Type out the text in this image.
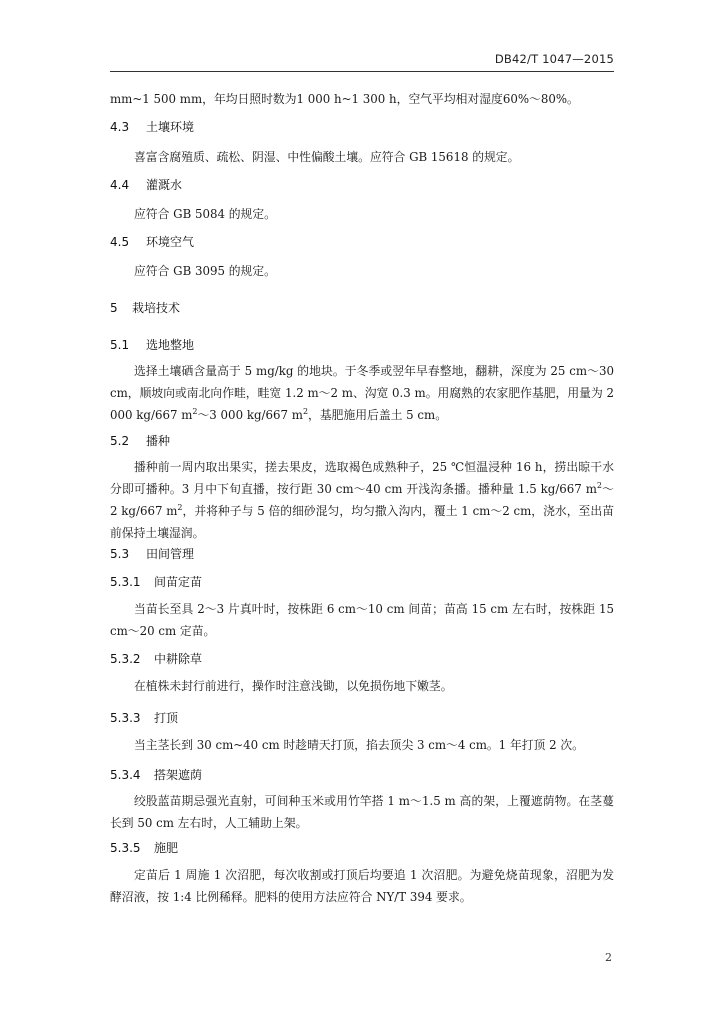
DB42/T 1047—2015
mm~1 500 mm，年均日照时数为1 000 h~1 300 h，空气平均相对湿度60%～80%。
4.3 土壤环境
喜富含腐殖质、疏松、阴湿、中性偏酸土壤。应符合 GB 15618 的规定。
4.4 灌溉水
应符合 GB 5084 的规定。
4.5 环境空气
应符合 GB 3095 的规定。
5 栽培技术
5.1 选地整地
选择土壤硒含量高于 5 mg/kg 的地块。于冬季或翌年早春整地，翻耕，深度为 25 cm～30 cm，顺坡向或南北向作畦，畦宽 1.2 m～2 m、沟宽 0.3 m。用腐熟的农家肥作基肥，用量为 2 000 kg/667 $m^2\sim 3$ 000 kg/667 $m^2$，基肥施用后盖土 5 cm。
5.2 播种
播种前一周内取出果实，搓去果皮，选取褐色成熟种子，25 ℃恒温浸种 16 h，捞出晾干水分即可播种。3 月中下旬直播，按行距 30 cm～40 cm 开浅沟条播。播种量 1.5 kg/667 $m^2\sim 2$ kg/667 $m^2$，并将种子与 5 倍的细砂混匀，均匀撒入沟内，覆土 1 cm～2 cm，浇水，至出苗前保持土壤湿润。
5.3 田间管理
5.3.1 间苗定苗
当苗长至具 2～3 片真叶时，按株距 6 cm～10 cm 间苗；苗高 15 cm 左右时，按株距 15 cm～20 cm 定苗。
5.3.2 中耕除草
在植株未封行前进行，操作时注意浅锄，以免损伤地下嫩茎。
5.3.3 打顶
当主茎长到 30 cm~40 cm 时趁晴天打顶，掐去顶尖 3 cm～4 cm。1 年打顶 2 次。
5.3.4 搭架遮荫
绞股蓝苗期忌强光直射，可间种玉米或用竹竿搭 1 m～1.5 m 高的架，上覆遮荫物。在茎蔓长到 50 cm 左右时，人工辅助上架。
5.3.5 施肥
定苗后 1 周施 1 次沼肥，每次收割或打顶后均要追 1 次沼肥。为避免烧苗现象，沼肥为发酵沼液，按 1:4 比例稀释。肥料的使用方法应符合 NY/T 394 要求。
2
